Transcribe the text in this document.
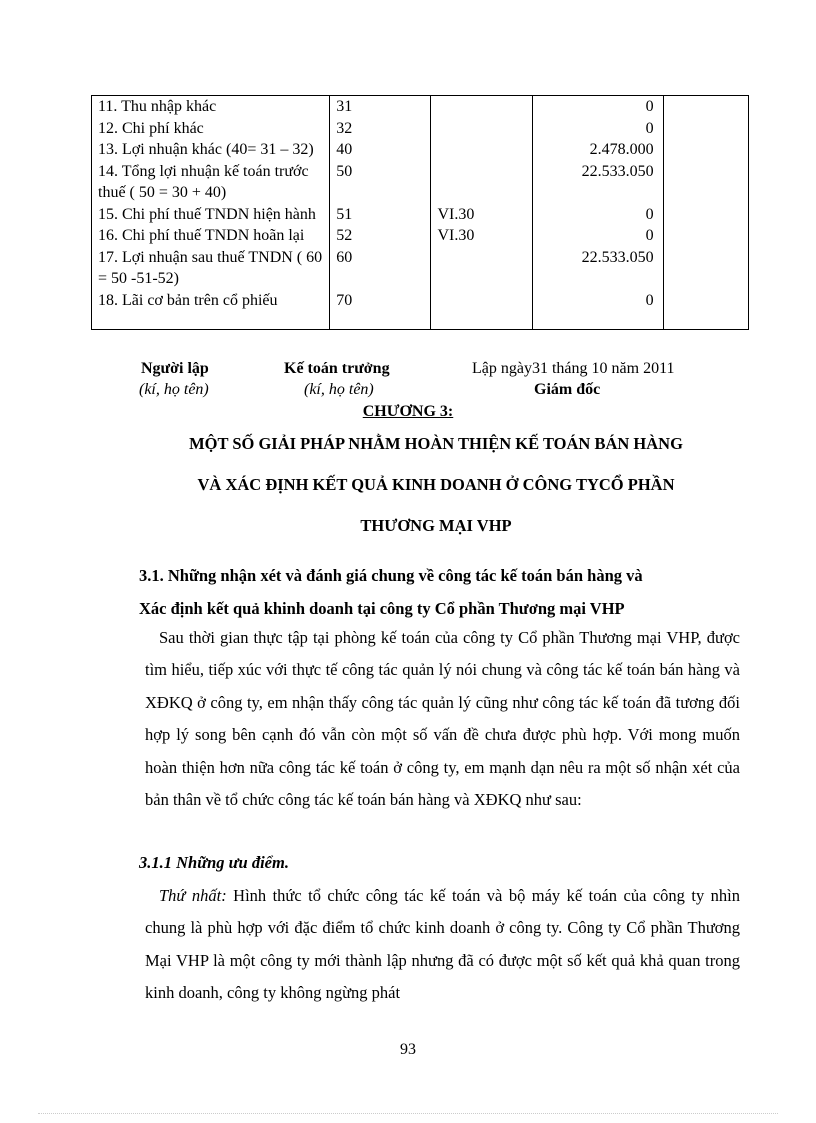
11. Thu nhập khác	31		0	
12. Chi phí khác	32		0	
13. Lợi nhuận khác (40= 31 – 32)	40		2.478.000	
14. Tổng lợi nhuận kế toán trước thuế ( 50 = 30 + 40)	50		22.533.050	
15. Chi phí thuế TNDN hiện hành	51	VI.30	0	
16. Chi phí thuế TNDN hoãn lại	52	VI.30	0	
17. Lợi nhuận sau thuế TNDN ( 60 = 50 -51-52)	60		22.533.050	
18. Lãi cơ bản trên cổ phiếu	70		0	
Người lập
(kí, họ tên)
Kế toán trưởng
(kí, họ tên)
Lập ngày31 tháng 10 năm 2011
Giám đốc
CHƯƠNG 3:
MỘT SỐ GIẢI PHÁP NHẰM HOÀN THIỆN KẾ TOÁN BÁN HÀNG
VÀ XÁC ĐỊNH KẾT QUẢ KINH DOANH Ở CÔNG TYCỔ PHẦN
THƯƠNG MẠI VHP
3.1. Những nhận xét và đánh giá chung về công tác kế toán bán hàng và
Xác định kết quả khinh doanh tại công ty Cổ phần Thương mại VHP
Sau thời gian thực tập tại phòng kế toán của công ty Cổ phần Thương mại VHP, được tìm hiểu, tiếp xúc với thực tế công tác quản lý nói chung và công tác kế toán bán hàng và XĐKQ ở công ty, em nhận thấy công tác quản lý cũng như công tác kế toán đã tương đối hợp lý song bên cạnh đó vẫn còn một số vấn đề chưa được phù hợp. Với mong muốn hoàn thiện hơn nữa công tác kế toán ở công ty, em mạnh dạn nêu ra một số nhận xét của bản thân về tổ chức công tác kế toán bán hàng và XĐKQ như sau:
3.1.1 Những ưu điểm.
Thứ nhất: Hình thức tổ chức công tác kế toán và bộ máy kế toán của công ty nhìn chung là phù hợp với đặc điểm tổ chức kinh doanh ở công ty. Công ty Cổ phần Thương Mại VHP là một công ty mới thành lập nhưng đã có được một số kết quả khả quan trong kinh doanh, công ty không ngừng phát
93
